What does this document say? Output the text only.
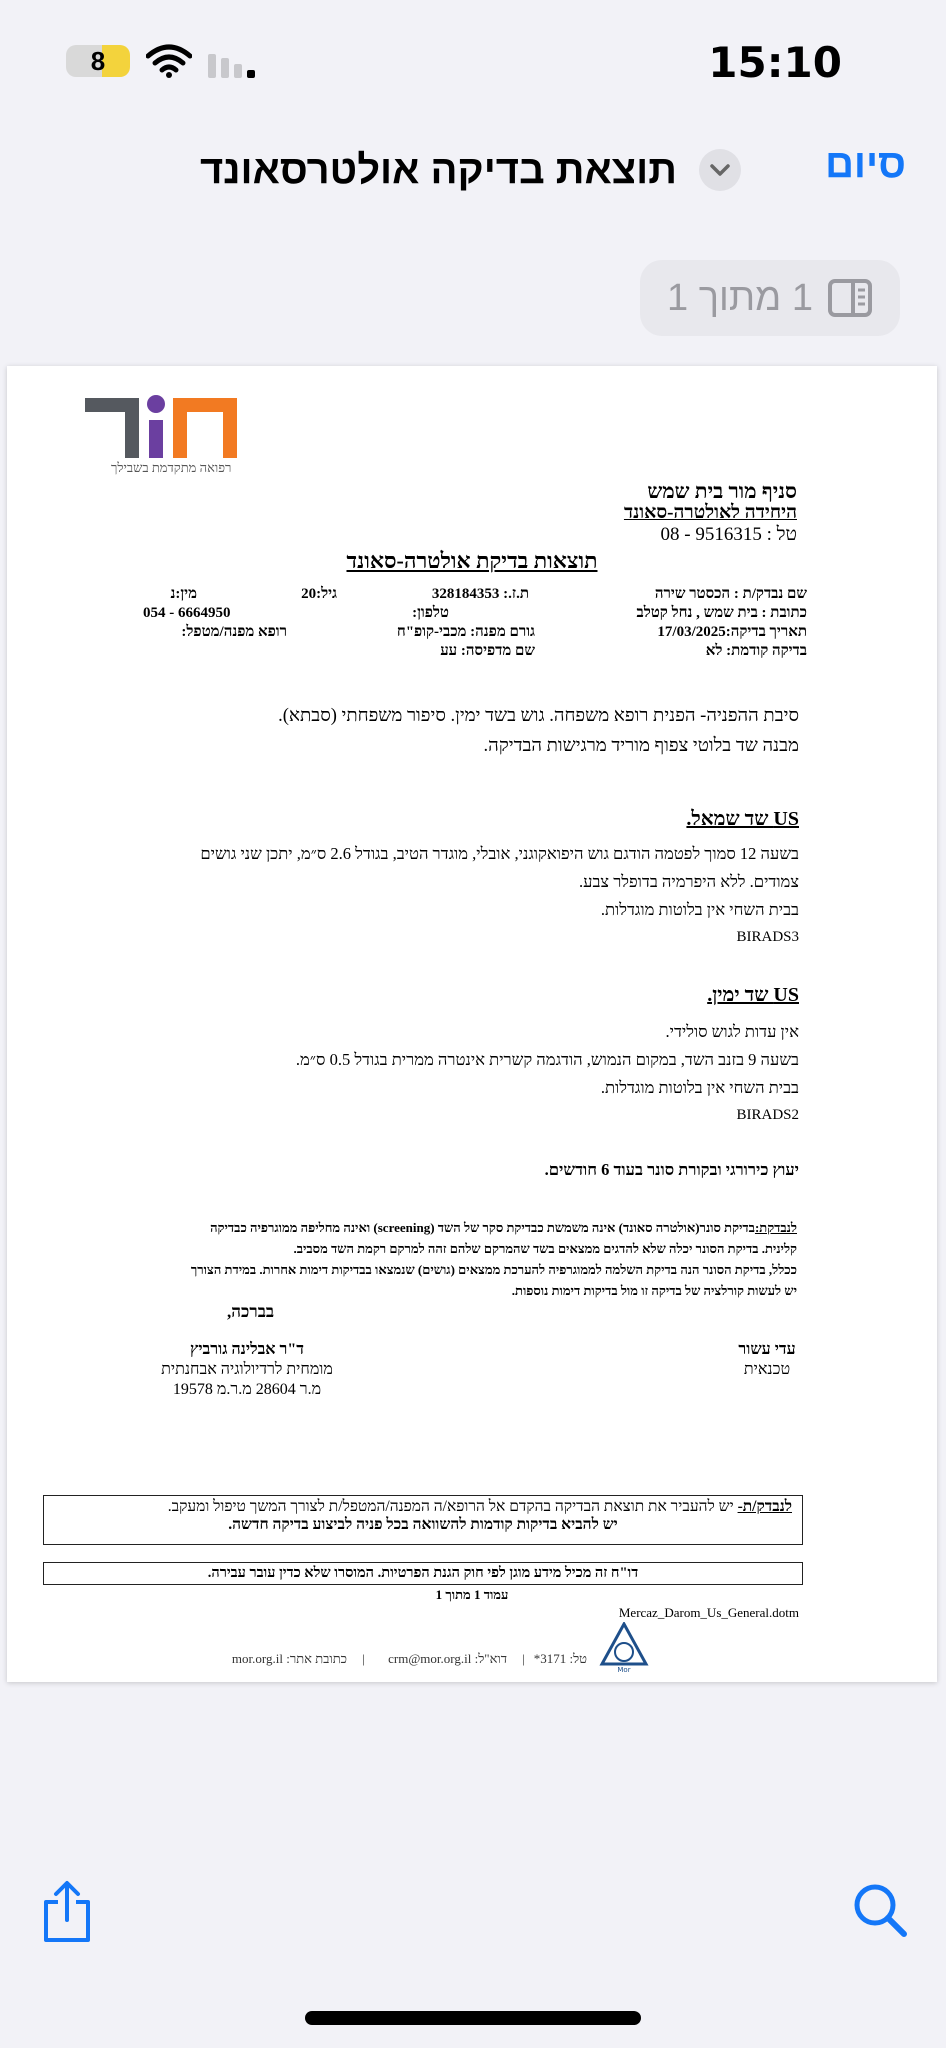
8	15:10
סיום
תוצאת בדיקה אולטרסאונד
1 מתוך 1
רפואה מתקדמת בשבילך
סניף מור בית שמש
היחידה לאולטרה-סאונד
טל : 9516315 - 08
תוצאות בדיקת אולטרה-סאונד
שם נבדק/ת : הכסטר שירה
ת.ז.: 328184353
גיל:20
מין:נ
כתובת : בית שמש , נחל קטלב
טלפון:
054 - 6664950
תאריך בדיקה:17/03/2025
גורם מפנה: מכבי-קופ"ח
רופא מפנה/מטפל:
בדיקה קודמת: לא
שם מדפיסה: עע
סיבת ההפניה- הפנית רופא משפחה. גוש בשד ימין. סיפור משפחתי (סבתא).
מבנה שד בלוטי צפוף מוריד מרגישות הבדיקה.
US שד שמאל.
בשעה 12 סמוך לפטמה הודגם גוש היפואקוגני, אובלי, מוגדר הטיב, בגודל 2.6 ס״מ, יתכן שני גושים
צמודים. ללא היפרמיה בדופלר צבע.
בבית השחי אין בלוטות מוגדלות.
BIRADS3
US שד ימין.
אין עדות לגוש סולידי.
בשעה 9 בזנב השד, במקום הנמוש, הודגמה קשרית אינטרה ממרית בגודל 0.5 ס״מ.
בבית השחי אין בלוטות מוגדלות.
BIRADS2
יעוץ כירורגי ובקורת סונר בעוד 6 חודשים.
לנבדקת:בדיקת סונר(אולטרה סאונד) אינה משמשת כבדיקת סקר של השד (screening) ואינה מחליפה ממוגרפיה כבדיקה
קלינית. בדיקת הסונר יכלה שלא להדגים ממצאים בשד שהמרקם שלהם זהה למרקם רקמת השד מסביב.
ככלל, בדיקת הסונר הנה בדיקת השלמה לממוגרפיה להערכת ממצאים (גושים) שנמצאו בבדיקות דימות אחרות. במידת הצורך
יש לעשות קורלציה של בדיקה זו מול בדיקות דימות נוספות.
בברכה,
ד"ר אבלינה גורביץ
מומחית לרדיולוגיה אבחנתית
מ.ר 28604 מ.ר.מ 19578
עדי עשור
טכנאית
לנבדק/ת- יש להעביר את תוצאת הבדיקה בהקדם אל הרופא/ה המפנה/המטפל/ת לצורך המשך טיפול ומעקב.
יש להביא בדיקות קודמות להשוואה בכל פניה לביצוע בדיקה חדשה.
דו"ח זה מכיל מידע מוגן לפי חוק הגנת הפרטיות. המוסרו שלא כדין עובר עבירה.
עמוד 1 מתוך 1
Mercaz_Darom_Us_General.dotm
Mor
טל: 3171*
|
דוא"ל: crm@mor.org.il
|
כתובת אתר: mor.org.il
